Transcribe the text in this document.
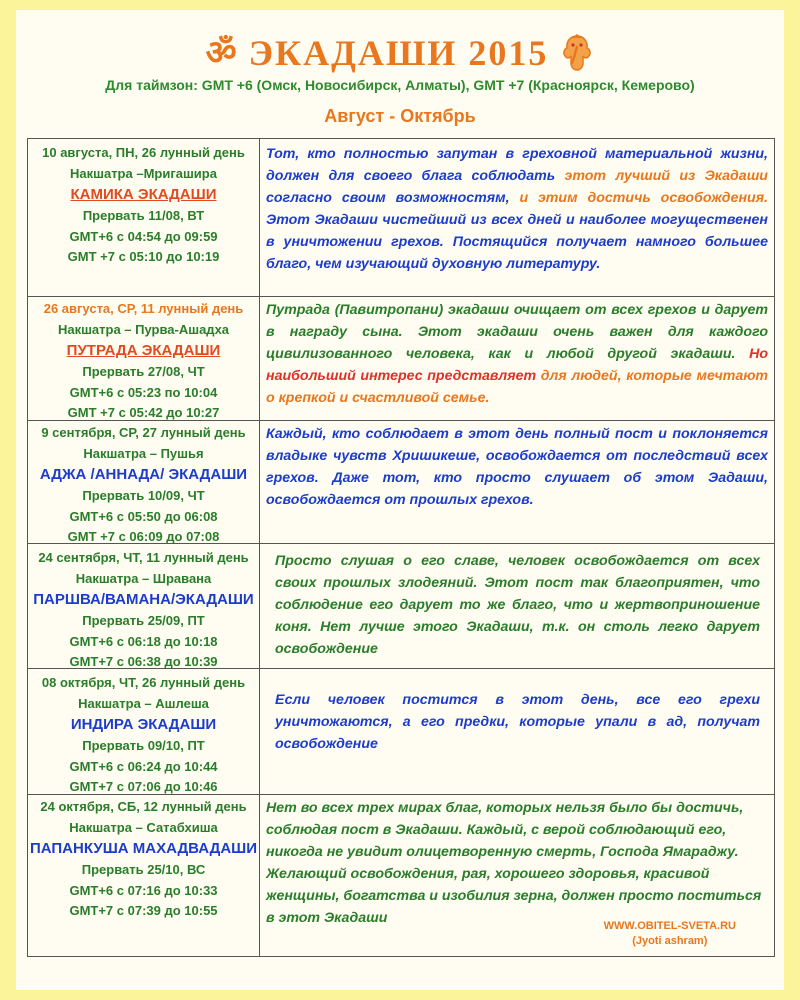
ॐ ЭКАДАШИ 2015
Для таймзон: GMT +6 (Омск, Новосибирск, Алматы), GMT +7 (Красноярск, Кемерово)
Август - Октябрь
10 августа, ПН, 26 лунный день
Накшатра –Мригашира
КАМИКА ЭКАДАШИ
Прервать 11/08, ВТ
GMT+6 с 04:54 до 09:59
GMT +7 с 05:10 до 10:19

Тот, кто полностью запутан в греховной материальной жизни, должен для своего блага соблюдать этот лучший из Экадаши согласно своим возможностям, и этим достичь освобождения. Этот Экадаши чистейший из всех дней и наиболее могущественен в уничтожении грехов. Постящийся получает намного большее благо, чем изучающий духовную литературу.

26 августа, СР, 11 лунный день
Накшатра – Пурва-Ашадха
ПУТРАДА ЭКАДАШИ
Прервать 27/08, ЧТ
GMT+6 с 05:23 по 10:04
GMT +7 с 05:42 до 10:27

Путрада (Павитропани) экадаши очищает от всех грехов и дарует в награду сына. Этот экадаши очень важен для каждого цивилизованного человека, как и любой другой экадаши. Но наибольший интерес представляет для людей, которые мечтают о крепкой и счастливой семье.

9 сентября, СР, 27 лунный день
Накшатра – Пушья
АДЖА /АННАДА/ ЭКАДАШИ
Прервать 10/09, ЧТ
GMT+6 с 05:50 до 06:08
GMT +7 с 06:09 до 07:08

Каждый, кто соблюдает в этот день полный пост и поклоняется владыке чувств Хришикеше, освобождается от последствий всех грехов. Даже тот, кто просто слушает об этом Эадаши, освобождается от прошлых грехов.

24 сентября, ЧТ, 11 лунный день
Накшатра – Шравана
ПАРШВА/ВАМАНА/ЭКАДАШИ
Прервать 25/09, ПТ
GMT+6 с 06:18 до 10:18
GMT+7 с 06:38 до 10:39

Просто слушая о его славе, человек освобождается от всех своих прошлых злодеяний. Этот пост так благоприятен, что соблюдение его дарует то же благо, что и жертвоприношение коня. Нет лучше этого Экадаши, т.к. он столь легко дарует освобождение

08 октября, ЧТ, 26 лунный день
Накшатра – Ашлеша
ИНДИРА ЭКАДАШИ
Прервать 09/10, ПТ
GMT+6 с 06:24 до 10:44
GMT+7 с 07:06 до 10:46

Если человек постится в этот день, все его грехи уничтожаются, а его предки, которые упали в ад, получат освобождение

24 октября, СБ, 12 лунный день
Накшатра – Сатабхиша
ПАПАНКУША МАХАДВАДАШИ
Прервать 25/10, ВС
GMT+6 с 07:16 до 10:33
GMT+7 с 07:39 до 10:55

Нет во всех трех мирах благ, которых нельзя было бы достичь, соблюдая пост в Экадаши. Каждый, с верой соблюдающий его, никогда не увидит олицетворенную смерть, Господа Ямараджу. Желающий освобождения, рая, хорошего здоровья, красивой женщины, богатства и изобилия зерна, должен просто поститься в этот Экадаши	WWW.OBITEL-SVETA.RU
(Jyoti ashram)
